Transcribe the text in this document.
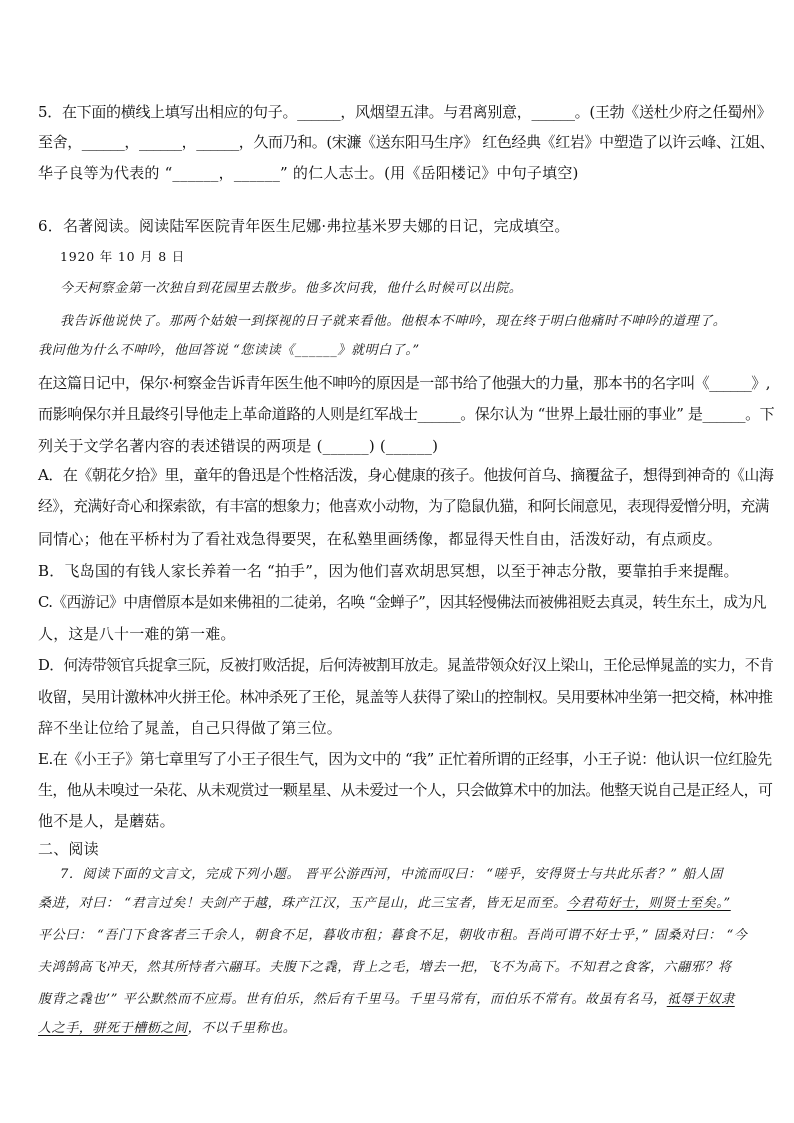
5．在下面的横线上填写出相应的句子。______，风烟望五津。与君离别意，______。(王勃《送杜少府之任蜀州》
至舍，______，______，______，久而乃和。(宋濂《送东阳马生序》 红色经典《红岩》中塑造了以许云峰、江姐、
华子良等为代表的 “______，______” 的仁人志士。(用《岳阳楼记》中句子填空)
6．名著阅读。阅读陆军医院青年医生尼娜·弗拉基米罗夫娜的日记，完成填空。
1920 年 10 月 8 日
今天柯察金第一次独自到花园里去散步。他多次问我，他什么时候可以出院。
我告诉他说快了。那两个姑娘一到探视的日子就来看他。他根本不呻吟，现在终于明白他痛时不呻吟的道理了。
我问他为什么不呻吟，他回答说 “您读读《______》就明白了。”
在这篇日记中，保尔·柯察金告诉青年医生他不呻吟的原因是一部书给了他强大的力量，那本书的名字叫《______》,
而影响保尔并且最终引导他走上革命道路的人则是红军战士______。保尔认为 “世界上最壮丽的事业” 是______。下
列关于文学名著内容的表述错误的两项是 (______) (______)
A．在《朝花夕拾》里，童年的鲁迅是个性格活泼，身心健康的孩子。他拔何首乌、摘覆盆子，想得到神奇的《山海
经》，充满好奇心和探索欲，有丰富的想象力；他喜欢小动物，为了隐鼠仇猫，和阿长闹意见，表现得爱憎分明，充满
同情心；他在平桥村为了看社戏急得要哭，在私塾里画绣像，都显得天性自由，活泼好动，有点顽皮。
B．飞岛国的有钱人家长养着一名 “拍手”，因为他们喜欢胡思冥想，以至于神志分散，要靠拍手来提醒。
C.《西游记》中唐僧原本是如来佛祖的二徒弟，名唤 “金蝉子”，因其轻慢佛法而被佛祖贬去真灵，转生东土，成为凡
人，这是八十一难的第一难。
D．何涛带领官兵捉拿三阮，反被打败活捉，后何涛被割耳放走。晁盖带领众好汉上梁山，王伦忌惮晁盖的实力，不肯
收留，吴用计激林冲火拼王伦。林冲杀死了王伦，晁盖等人获得了梁山的控制权。吴用要林冲坐第一把交椅，林冲推
辞不坐让位给了晁盖，自己只得做了第三位。
E.在《小王子》第七章里写了小王子很生气，因为文中的 “我” 正忙着所谓的正经事，小王子说：他认识一位红脸先
生，他从未嗅过一朵花、从未观赏过一颗星星、从未爱过一个人，只会做算术中的加法。他整天说自己是正经人，可
他不是人，是蘑菇。
二、阅读
7．阅读下面的文言文，完成下列小题。 晋平公游西河，中流而叹曰： “嗟乎，安得贤士与共此乐者？” 船人固
桑进，对曰： “君言过矣！夫剑产于越，珠产江汉，玉产昆山，此三宝者，皆无足而至。今君苟好士，则贤士至矣。”
平公曰： “吾门下食客者三千余人，朝食不足，暮收市租；暮食不足，朝收市租。吾尚可谓不好士乎，” 固桑对曰： “今
夫鸿鹄高飞冲天，然其所恃者六翮耳。夫腹下之毳，背上之毛，增去一把，飞不为高下。不知君之食客，六翮邪？将
腹背之毳也’” 平公默然而不应焉。世有伯乐，然后有千里马。千里马常有，而伯乐不常有。故虽有名马，祗辱于奴隶
人之手，骈死于槽枥之间，不以千里称也。
